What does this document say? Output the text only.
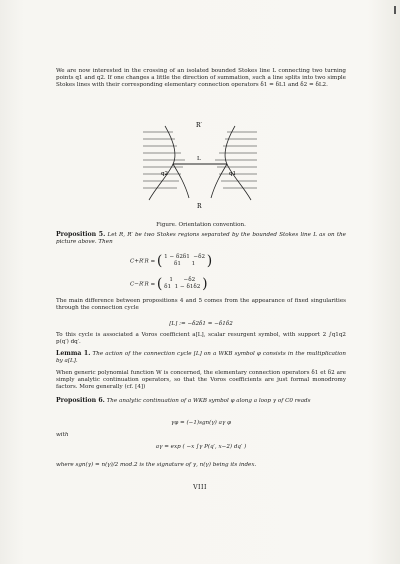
We are now interested in the crossing of an isolated bounded Stokes line L connecting two turning points q1 and q2. If one changes a little the direction of summation, such a line splits into two simple Stokes lines with their corresponding elementary connection operators δ1 = δL1 and δ2 = δL2.
R′
L
q2	q1
R
Figure. Orientation convention.
Proposition 5. Let R, R′ be two Stokes regions separated by the bounded Stokes line L as on the picture above. Then
C+R′R = ( 1 − δ2δ1 −δ2
δ1 1 )
C−R′R = ( 1 −δ2
δ1 1 − δ1δ2 )
The main difference between propositions 4 and 5 comes from the appearance of fixed singularities through the connection cycle
[L] := −δ2δ1 = −δ1δ2
To this cycle is associated a Voros coefficient a[L], scalar resurgent symbol, with support 2 ∫q1q2 p(q′) dq′.
Lemma 1. The action of the connection cycle [L] on a WKB symbol φ consists in the multiplication by a[L].
When generic polynomial function W is concerned, the elementary connection operators δ1 et δ2 are simply analytic continuation operators, so that the Voros coefficients are just formal monodromy factors. More generally (cf. [4])
Proposition 6. The analytic continuation of a WKB symbol φ along a loop γ of C0 reads
γφ = (−1)sgn(γ) aγ φ
with
aγ = exp ( −x ∫γ P(q′, x−2) dq′ )
where sgn(γ) = n(γ)/2 mod.2 is the signature of γ, n(γ) being its index.
VIII
